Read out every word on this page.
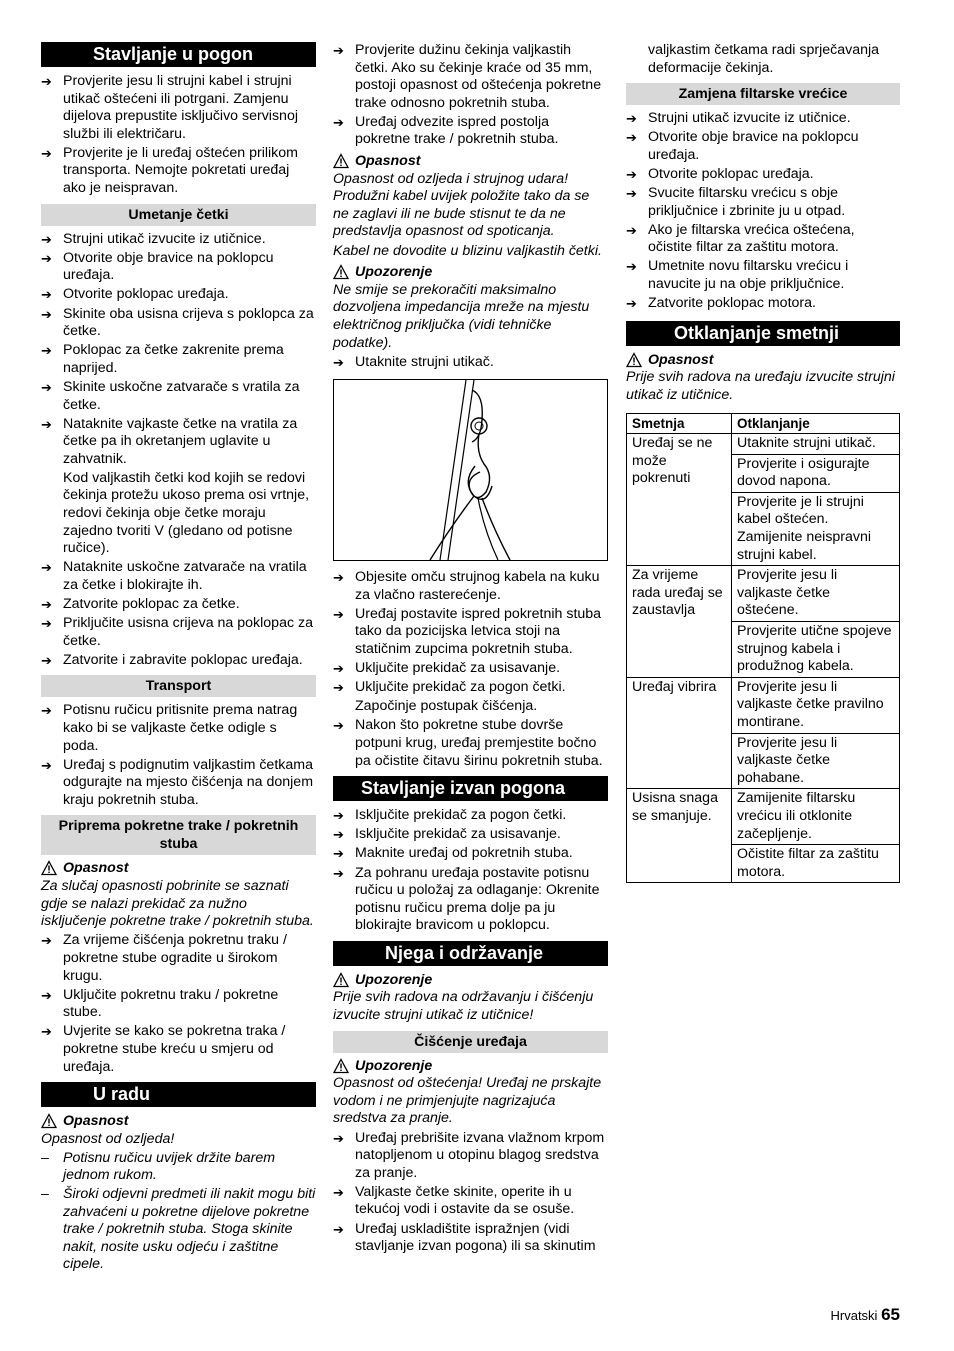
Stavljanje u pogon
➔ Provjerite jesu li strujni kabel i strujni utikač oštećeni ili potrgani. Zamjenu dijelova prepustite isključivo servisnoj službi ili električaru.
➔ Provjerite je li uređaj oštećen prilikom transporta. Nemojte pokretati uređaj ako je neispravan.
Umetanje četki
➔ Strujni utikač izvucite iz utičnice.
➔ Otvorite obje bravice na poklopcu uređaja.
➔ Otvorite poklopac uređaja.
➔ Skinite oba usisna crijeva s poklopca za četke.
➔ Poklopac za četke zakrenite prema naprijed.
➔ Skinite uskočne zatvarače s vratila za četke.
➔ Nataknite vajkaste četke na vratila za četke pa ih okretanjem uglavite u zahvatnik.
Kod valjkastih četki kod kojih se redovi čekinja protežu ukoso prema osi vrtnje, redovi čekinja obje četke moraju zajedno tvoriti V (gledano od potisne ručice).
➔ Nataknite uskočne zatvarače na vratila za četke i blokirajte ih.
➔ Zatvorite poklopac za četke.
➔ Priključite usisna crijeva na poklopac za četke.
➔ Zatvorite i zabravite poklopac uređaja.
Transport
➔ Potisnu ručicu pritisnite prema natrag kako bi se valjkaste četke odigle s poda.
➔ Uređaj s podignutim valjkastim četkama odgurajte na mjesto čišćenja na donjem kraju pokretnih stuba.
Priprema pokretne trake / pokretnih stuba
Opasnost
Za slučaj opasnosti pobrinite se saznati gdje se nalazi prekidač za nužno isključenje pokretne trake / pokretnih stuba.
➔ Za vrijeme čišćenja pokretnu traku / pokretne stube ogradite u širokom krugu.
➔ Uključite pokretnu traku / pokretne stube.
➔ Uvjerite se kako se pokretna traka / pokretne stube kreću u smjeru od uređaja.
U radu
Opasnost
Opasnost od ozljeda!
– Potisnu ručicu uvijek držite barem jednom rukom.
– Široki odjevni predmeti ili nakit mogu biti zahvaćeni u pokretne dijelove pokretne trake / pokretnih stuba. Stoga skinite nakit, nosite usku odjeću i zaštitne cipele.
➔ Provjerite dužinu čekinja valjkastih četki. Ako su čekinje kraće od 35 mm, postoji opasnost od oštećenja pokretne trake odnosno pokretnih stuba.
➔ Uređaj odvezite ispred postolja pokretne trake / pokretnih stuba.
Opasnost
Opasnost od ozljeda i strujnog udara! Produžni kabel uvijek položite tako da se ne zaglavi ili ne bude stisnut te da ne predstavlja opasnost od spoticanja.
Kabel ne dovodite u blizinu valjkastih četki.
Upozorenje
Ne smije se prekoračiti maksimalno dozvoljena impedancija mreže na mjestu električnog priključka (vidi tehničke podatke).
➔ Utaknite strujni utikač.
➔ Objesite omču strujnog kabela na kuku za vlačno rasterećenje.
➔ Uređaj postavite ispred pokretnih stuba tako da pozicijska letvica stoji na statičnim zupcima pokretnih stuba.
➔ Uključite prekidač za usisavanje.
➔ Uključite prekidač za pogon četki.
Započinje postupak čišćenja.
➔ Nakon što pokretne stube dovrše potpuni krug, uređaj premjestite bočno pa očistite čitavu širinu pokretnih stuba.
Stavljanje izvan pogona
➔ Isključite prekidač za pogon četki.
➔ Isključite prekidač za usisavanje.
➔ Maknite uređaj od pokretnih stuba.
➔ Za pohranu uređaja postavite potisnu ručicu u položaj za odlaganje: Okrenite potisnu ručicu prema dolje pa ju blokirajte bravicom u poklopcu.
Njega i održavanje
Upozorenje
Prije svih radova na održavanju i čišćenju izvucite strujni utikač iz utičnice!
Čišćenje uređaja
Upozorenje
Opasnost od oštećenja! Uređaj ne prskajte vodom i ne primjenjujte nagrizajuća sredstva za pranje.
➔ Uređaj prebrišite izvana vlažnom krpom natopljenom u otopinu blagog sredstva za pranje.
➔ Valjkaste četke skinite, operite ih u tekućoj vodi i ostavite da se osuše.
➔ Uređaj uskladištite ispražnjen (vidi stavljanje izvan pogona) ili sa skinutim
valjkastim četkama radi sprječavanja deformacije čekinja.
Zamjena filtarske vrećice
➔ Strujni utikač izvucite iz utičnice.
➔ Otvorite obje bravice na poklopcu uređaja.
➔ Otvorite poklopac uređaja.
➔ Svucite filtarsku vrećicu s obje priključnice i zbrinite ju u otpad.
➔ Ako je filtarska vrećica oštećena, očistite filtar za zaštitu motora.
➔ Umetnite novu filtarsku vrećicu i navucite ju na obje priključnice.
➔ Zatvorite poklopac motora.
Otklanjanje smetnji
Opasnost
Prije svih radova na uređaju izvucite strujni utikač iz utičnice.
Smetnja	Otklanjanje
Uređaj se ne može pokrenuti	Utaknite strujni utikač.
	Provjerite i osigurajte dovod napona.
	Provjerite je li strujni kabel oštećen. Zamijenite neispravni strujni kabel.
Za vrijeme rada uređaj se zaustavlja	Provjerite jesu li valjkaste četke oštećene.
	Provjerite utične spojeve strujnog kabela i produžnog kabela.
Uređaj vibrira	Provjerite jesu li valjkaste četke pravilno montirane.
	Provjerite jesu li valjkaste četke pohabane.
Usisna snaga se smanjuje.	Zamijenite filtarsku vrećicu ili otklonite začepljenje.
	Očistite filtar za zaštitu motora.
Hrvatski 65
